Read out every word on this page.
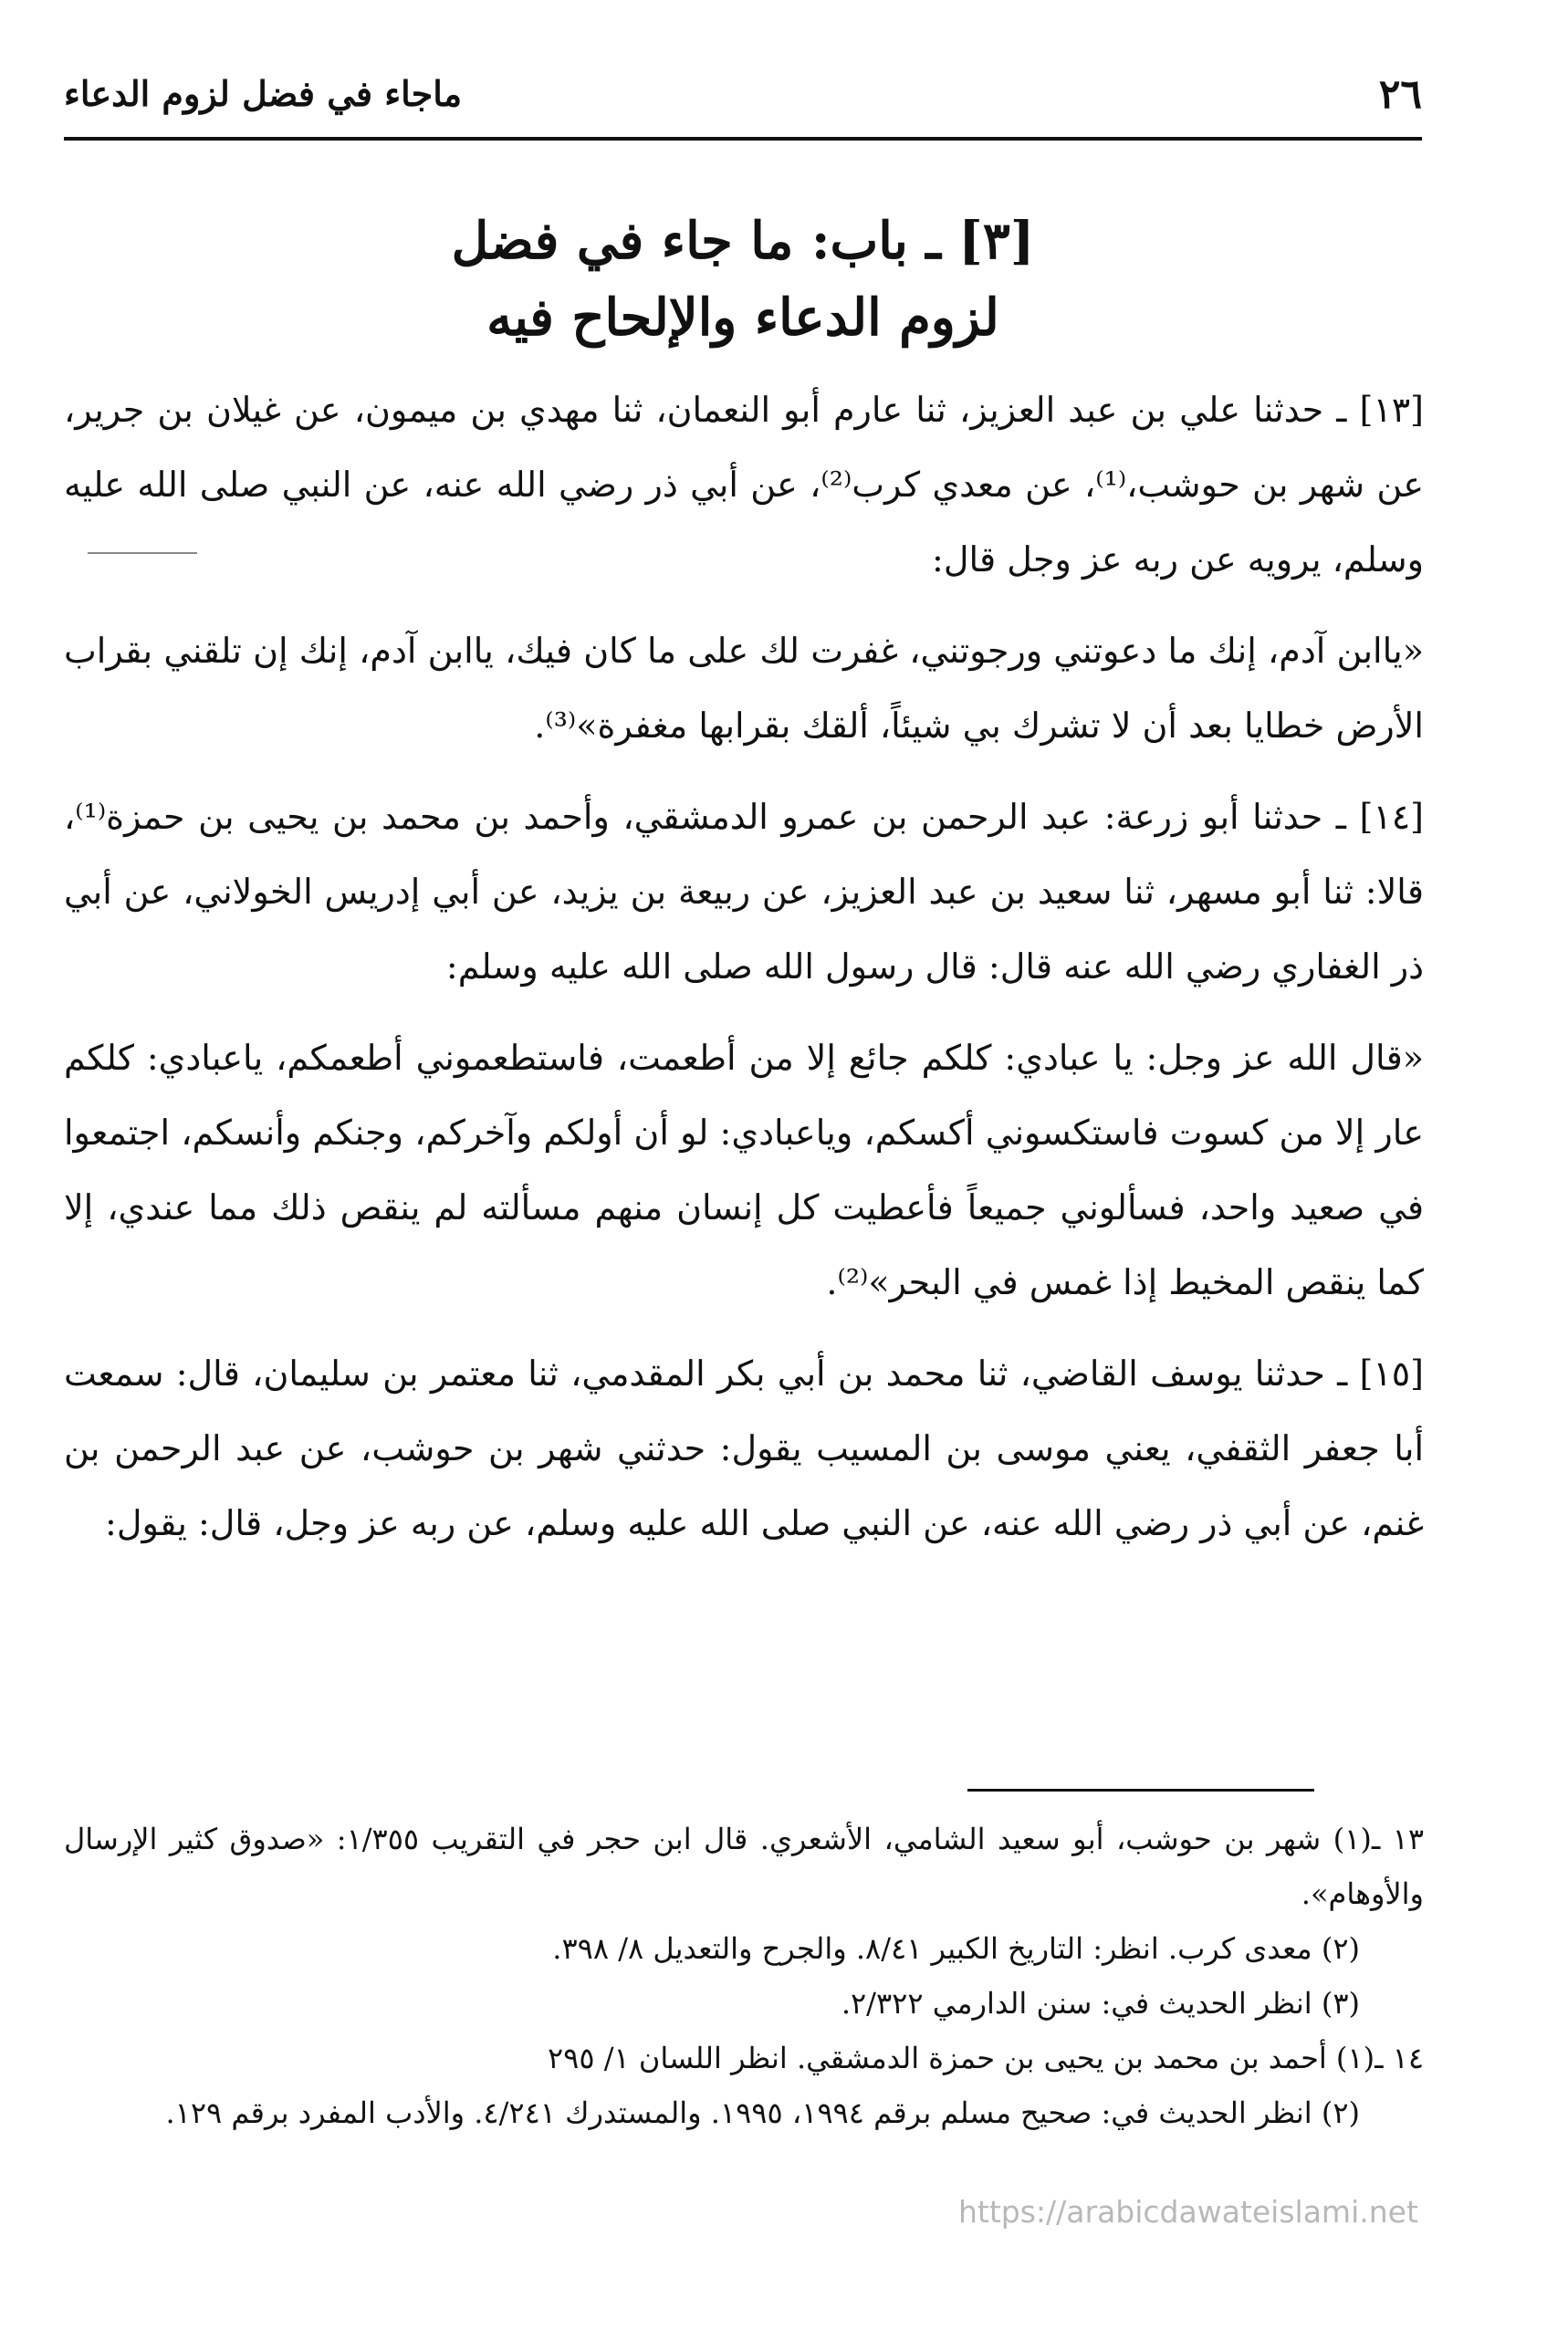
٢٦
ماجاء في فضل لزوم الدعاء
[٣] ـ باب: ما جاء في فضل
لزوم الدعاء والإلحاح فيه

[١٣] ـ حدثنا علي بن عبد العزيز، ثنا عارم أبو النعمان، ثنا مهدي بن ميمون، عن غيلان بن جرير، عن شهر بن حوشب،⁽¹⁾، عن معدي كرب⁽²⁾، عن أبي ذر رضي الله عنه، عن النبي صلى الله عليه وسلم، يرويه عن ربه عز وجل قال:

«ياابن آدم، إنك ما دعوتني ورجوتني، غفرت لك على ما كان فيك، ياابن آدم، إنك إن تلقني بقراب الأرض خطايا بعد أن لا تشرك بي شيئاً، ألقك بقرابها مغفرة»⁽³⁾.

[١٤] ـ حدثنا أبو زرعة: عبد الرحمن بن عمرو الدمشقي، وأحمد بن محمد بن يحيى بن حمزة⁽¹⁾، قالا: ثنا أبو مسهر، ثنا سعيد بن عبد العزيز، عن ربيعة بن يزيد، عن أبي إدريس الخولاني، عن أبي ذر الغفاري رضي الله عنه قال: قال رسول الله صلى الله عليه وسلم:

«قال الله عز وجل: يا عبادي: كلكم جائع إلا من أطعمت، فاستطعموني أطعمكم، ياعبادي: كلكم عار إلا من كسوت فاستكسوني أكسكم، وياعبادي: لو أن أولكم وآخركم، وجنكم وأنسكم، اجتمعوا في صعيد واحد، فسألوني جميعاً فأعطيت كل إنسان منهم مسألته لم ينقص ذلك مما عندي، إلا كما ينقص المخيط إذا غمس في البحر»⁽²⁾.

[١٥] ـ حدثنا يوسف القاضي، ثنا محمد بن أبي بكر المقدمي، ثنا معتمر بن سليمان، قال: سمعت أبا جعفر الثقفي، يعني موسى بن المسيب يقول: حدثني شهر بن حوشب، عن عبد الرحمن بن غنم، عن أبي ذر رضي الله عنه، عن النبي صلى الله عليه وسلم، عن ربه عز وجل، قال: يقول:

١٣ ـ(١) شهر بن حوشب، أبو سعيد الشامي، الأشعري. قال ابن حجر في التقريب ١/٣٥٥: «صدوق كثير الإرسال والأوهام».

(٢) معدى كرب. انظر: التاريخ الكبير ٨/٤١. والجرح والتعديل ٨/ ٣٩٨.

(٣) انظر الحديث في: سنن الدارمي ٢/٣٢٢.

١٤ ـ(١) أحمد بن محمد بن يحيى بن حمزة الدمشقي. انظر اللسان ١/ ٢٩٥

(٢) انظر الحديث في: صحيح مسلم برقم ١٩٩٤، ١٩٩٥. والمستدرك ٤/٢٤١. والأدب المفرد برقم ١٢٩.

https://arabicdawateislami.net
